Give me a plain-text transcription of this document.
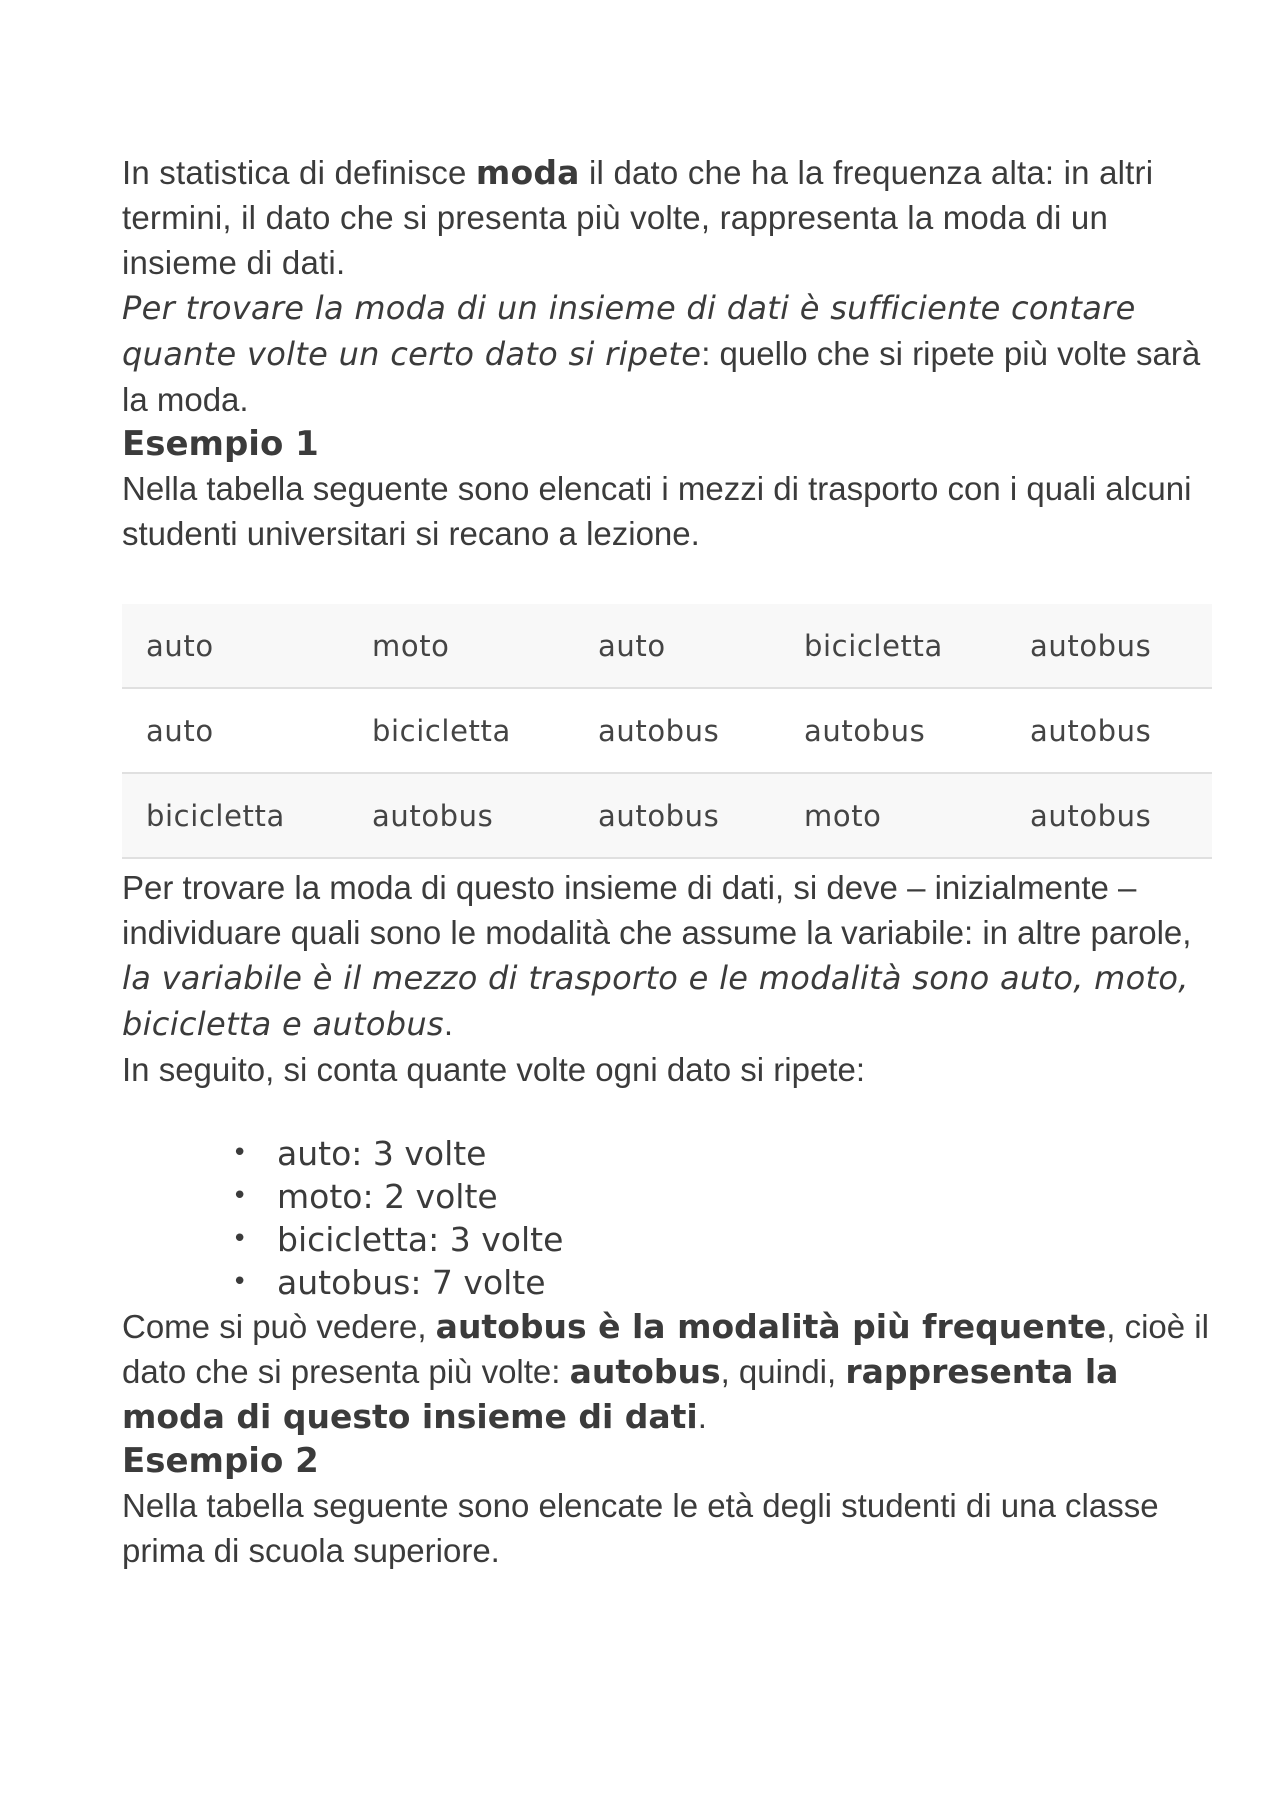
In statistica di definisce moda il dato che ha la frequenza alta: in altri termini, il dato che si presenta più volte, rappresenta la moda di un insieme di dati.

Per trovare la moda di un insieme di dati è sufficiente contare quante volte un certo dato si ripete: quello che si ripete più volte sarà la moda.

Esempio 1

Nella tabella seguente sono elencati i mezzi di trasporto con i quali alcuni studenti universitari si recano a lezione.

auto	moto	auto	bicicletta	autobus
auto	bicicletta	autobus	autobus	autobus
bicicletta	autobus	autobus	moto	autobus

Per trovare la moda di questo insieme di dati, si deve – inizialmente – individuare quali sono le modalità che assume la variabile: in altre parole, la variabile è il mezzo di trasporto e le modalità sono auto, moto, bicicletta e autobus.

In seguito, si conta quante volte ogni dato si ripete:

• auto: 3 volte
• moto: 2 volte
• bicicletta: 3 volte
• autobus: 7 volte

Come si può vedere, autobus è la modalità più frequente, cioè il dato che si presenta più volte: autobus, quindi, rappresenta la moda di questo insieme di dati.

Esempio 2

Nella tabella seguente sono elencate le età degli studenti di una classe prima di scuola superiore.
